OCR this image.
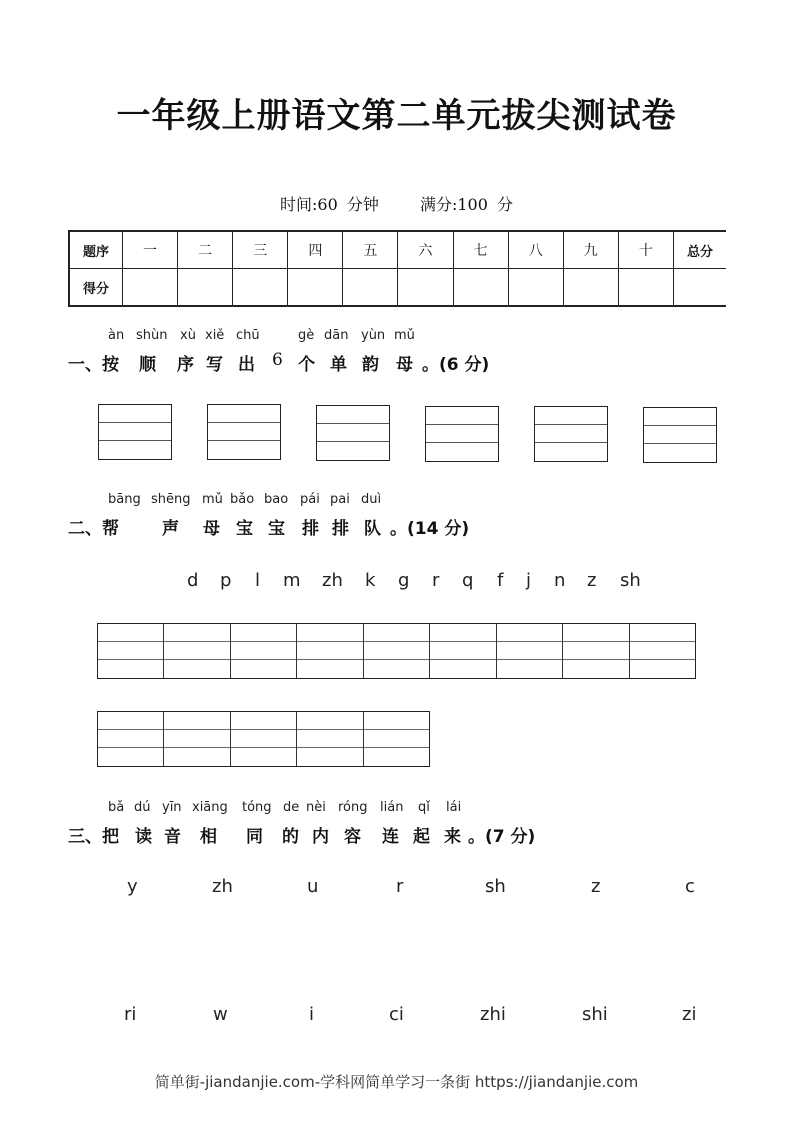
一年级上册语文第二单元拔尖测试卷
时间:60 分钟	满分:100 分
题序	一	二	三	四	五	六	七	八	九	十	总分
得分											
àn shùn xù xiě chū	gè dān yùn mǔ
一、按 顺 序 写 出 6 个 单 韵 母 。(6 分)
bāng shēng mǔ bǎo bao pái pai duì
二、帮	声 母 宝 宝 排 排 队 。(14 分)
d p l m zh k g r q f j n z sh
bǎ dú yīn xiāng tóng de nèi róng lián qǐ lái
三、把 读 音 相 同 的 内 容 连 起 来 。(7 分)
y	zh	u	r	sh	z	c
ri	w	i	ci	zhi	shi	zi
简单街-jiandanjie.com-学科网简单学习一条街 https://jiandanjie.com
